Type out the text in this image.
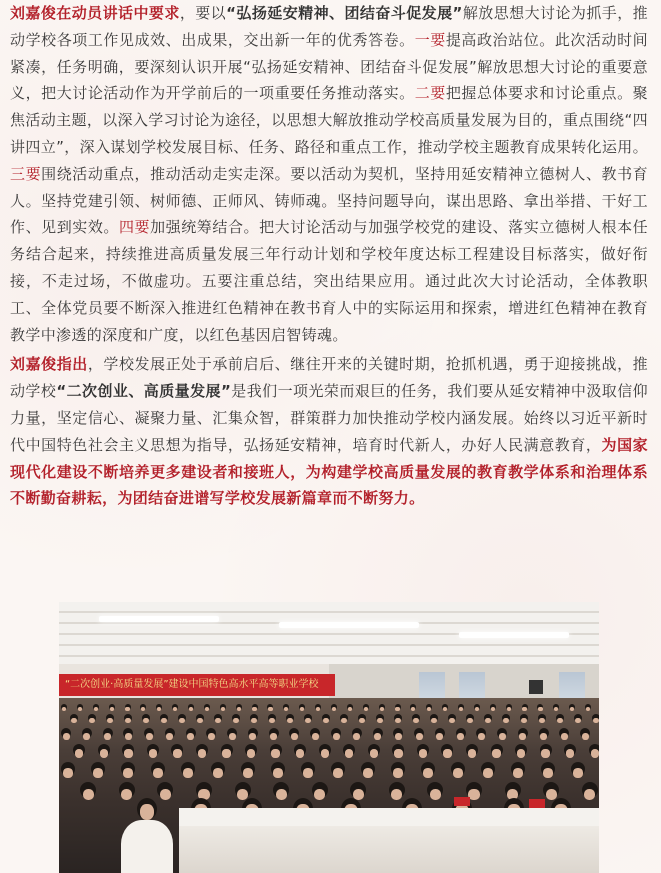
刘嘉俊在动员讲话中要求，要以“弘扬延安精神、团结奋斗促发展”解放思想大讨论为抓手，推动学校各项工作见成效、出成果，交出新一年的优秀答卷。一要提高政治站位。此次活动时间紧凑，任务明确，要深刻认识开展“弘扬延安精神、团结奋斗促发展”解放思想大讨论的重要意义，把大讨论活动作为开学前后的一项重要任务推动落实。二要把握总体要求和讨论重点。聚焦活动主题，以深入学习讨论为途径，以思想大解放推动学校高质量发展为目的，重点围绕“四讲四立”，深入谋划学校发展目标、任务、路径和重点工作，推动学校主题教育成果转化运用。三要围绕活动重点，推动活动走实走深。要以活动为契机，坚持用延安精神立德树人、教书育人。坚持党建引领、树师德、正师风、铸师魂。坚持问题导向，谋出思路、拿出举措、干好工作、见到实效。四要加强统筹结合。把大讨论活动与加强学校党的建设、落实立德树人根本任务结合起来，持续推进高质量发展三年行动计划和学校年度达标工程建设目标落实，做好衔接，不走过场，不做虚功。五要注重总结，突出结果应用。通过此次大讨论活动，全体教职工、全体党员要不断深入推进红色精神在教书育人中的实际运用和探索，增进红色精神在教育教学中渗透的深度和广度，以红色基因启智铸魂。

刘嘉俊指出，学校发展正处于承前启后、继往开来的关键时期，抢抓机遇，勇于迎接挑战，推动学校“二次创业、高质量发展”是我们一项光荣而艰巨的任务，我们要从延安精神中汲取信仰力量，坚定信心、凝聚力量、汇集众智，群策群力加快推动学校内涵发展。始终以习近平新时代中国特色社会主义思想为指导，弘扬延安精神，培育时代新人，办好人民满意教育，为国家现代化建设不断培养更多建设者和接班人，为构建学校高质量发展的教育教学体系和治理体系不断勤奋耕耘，为团结奋进谱写学校发展新篇章而不断努力。

“二次创业·高质量发展”建设中国特色高水平高等职业学校
